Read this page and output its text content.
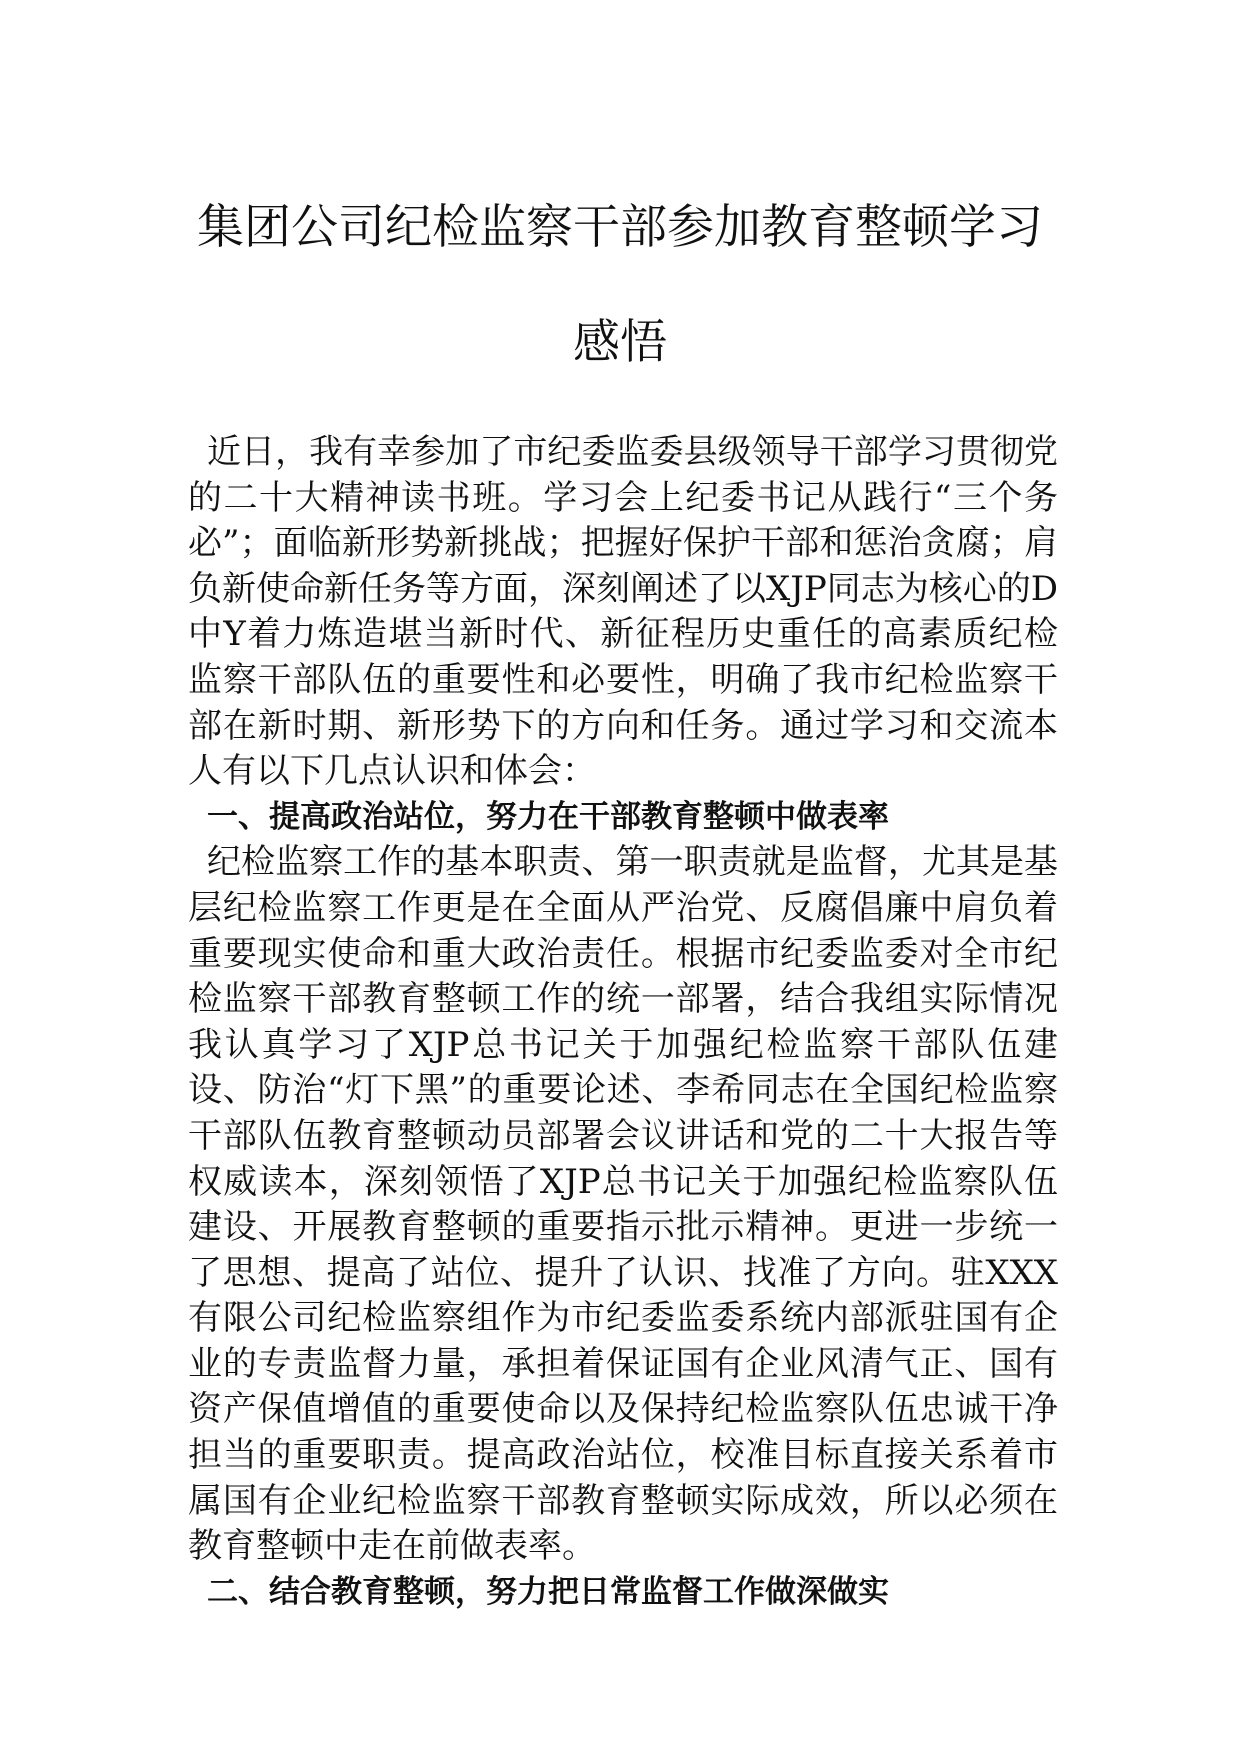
集团公司纪检监察干部参加教育整顿学习
感悟

近日，我有幸参加了市纪委监委县级领导干部学习贯彻党的二十大精神读书班。学习会上纪委书记从践行“三个务必”；面临新形势新挑战；把握好保护干部和惩治贪腐；肩负新使命新任务等方面，深刻阐述了以XJP同志为核心的D中Y着力炼造堪当新时代、新征程历史重任的高素质纪检监察干部队伍的重要性和必要性，明确了我市纪检监察干部在新时期、新形势下的方向和任务。通过学习和交流本人有以下几点认识和体会：

一、提高政治站位，努力在干部教育整顿中做表率

纪检监察工作的基本职责、第一职责就是监督，尤其是基层纪检监察工作更是在全面从严治党、反腐倡廉中肩负着重要现实使命和重大政治责任。根据市纪委监委对全市纪检监察干部教育整顿工作的统一部署，结合我组实际情况我认真学习了XJP总书记关于加强纪检监察干部队伍建设、防治“灯下黑”的重要论述、李希同志在全国纪检监察干部队伍教育整顿动员部署会议讲话和党的二十大报告等权威读本，深刻领悟了XJP总书记关于加强纪检监察队伍建设、开展教育整顿的重要指示批示精神。更进一步统一了思想、提高了站位、提升了认识、找准了方向。驻XXX有限公司纪检监察组作为市纪委监委系统内部派驻国有企业的专责监督力量，承担着保证国有企业风清气正、国有资产保值增值的重要使命以及保持纪检监察队伍忠诚干净担当的重要职责。提高政治站位，校准目标直接关系着市属国有企业纪检监察干部教育整顿实际成效，所以必须在教育整顿中走在前做表率。

二、结合教育整顿，努力把日常监督工作做深做实
